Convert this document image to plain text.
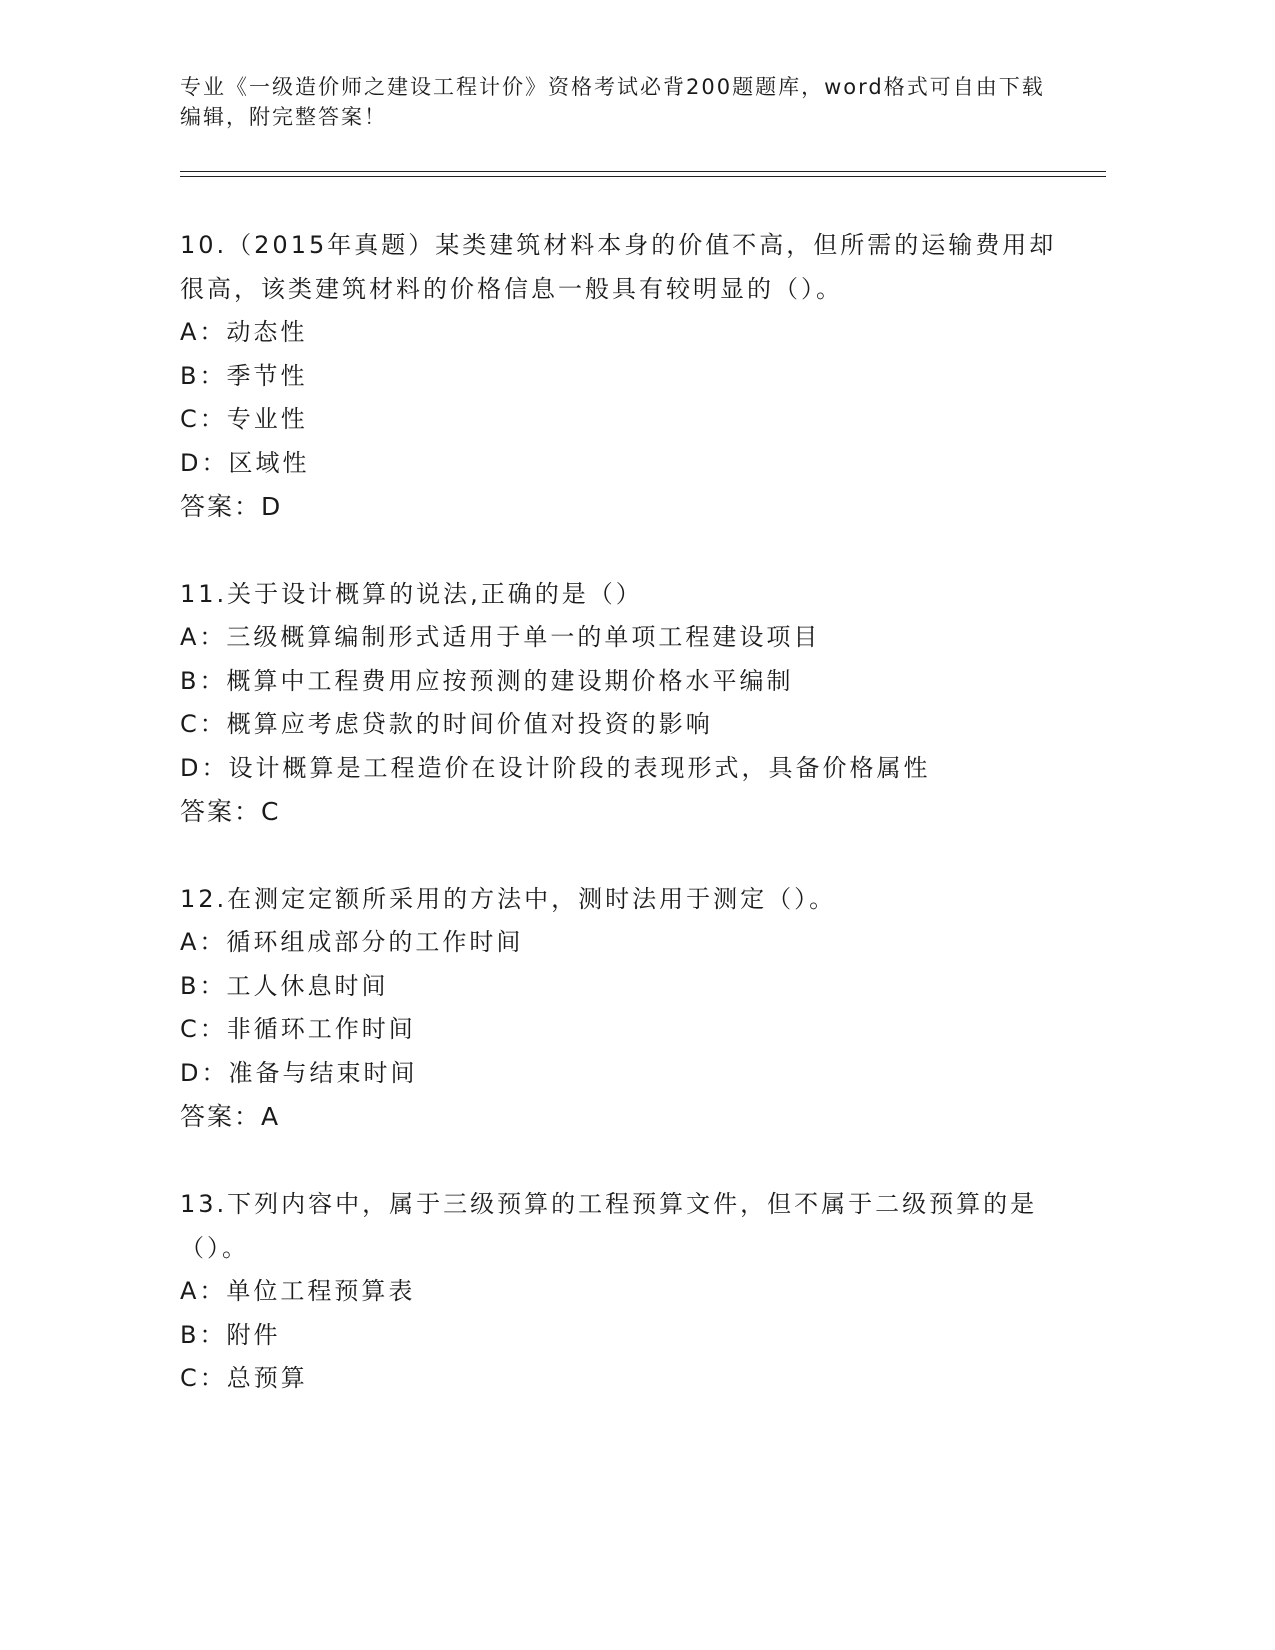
专业《一级造价师之建设工程计价》资格考试必背200题题库，word格式可自由下载编辑，附完整答案！
10.（2015年真题）某类建筑材料本身的价值不高，但所需的运输费用却很高，该类建筑材料的价格信息一般具有较明显的（）。
A：动态性
B：季节性
C：专业性
D：区域性
答案：D
11.关于设计概算的说法,正确的是（）
A：三级概算编制形式适用于单一的单项工程建设项目
B：概算中工程费用应按预测的建设期价格水平编制
C：概算应考虑贷款的时间价值对投资的影响
D：设计概算是工程造价在设计阶段的表现形式，具备价格属性
答案：C
12.在测定定额所采用的方法中，测时法用于测定（）。
A：循环组成部分的工作时间
B：工人休息时间
C：非循环工作时间
D：准备与结束时间
答案：A
13.下列内容中，属于三级预算的工程预算文件，但不属于二级预算的是（）。
A：单位工程预算表
B：附件
C：总预算
